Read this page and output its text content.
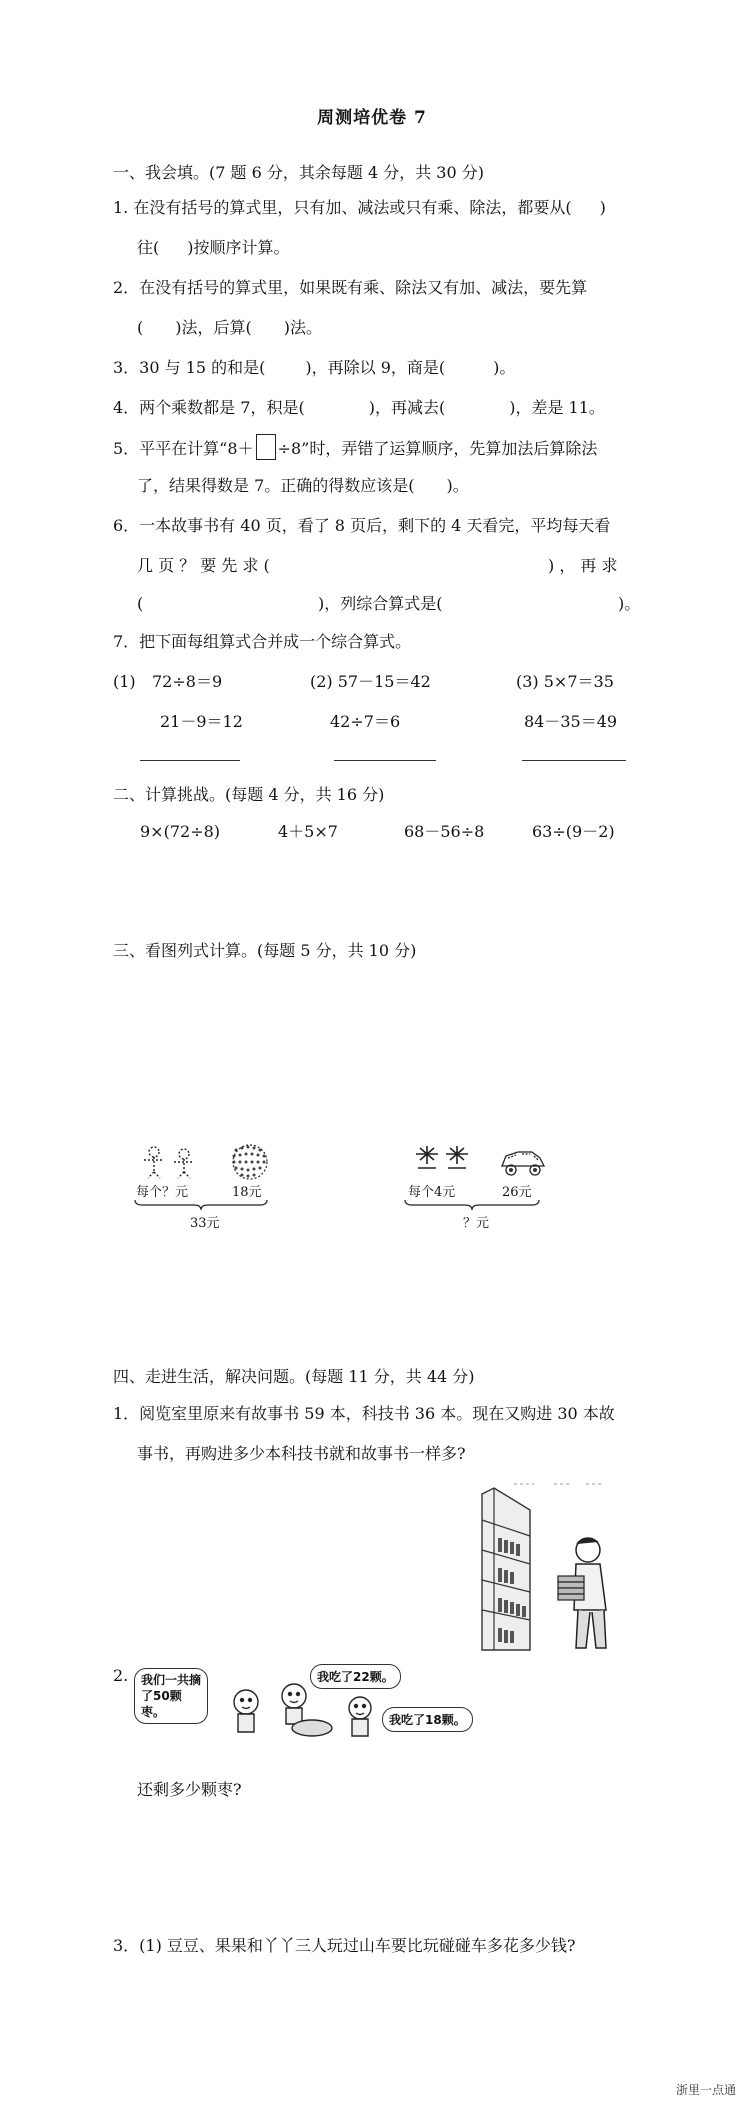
周测培优卷 7
一、我会填。(7 题 6 分，其余每题 4 分，共 30 分)
1. 在没有括号的算式里，只有加、减法或只有乘、除法，都要从( )
往( )按顺序计算。
2．在没有括号的算式里，如果既有乘、除法又有加、减法，要先算
( )法，后算( )法。
3．30 与 15 的和是(	)，再除以 9，商是(	)。
4．两个乘数都是 7，积是(	)，再减去(	)，差是 11。
5．平平在计算“8＋ ÷8”时，弄错了运算顺序，先算加法后算除法
了，结果得数是 7。正确的得数应该是( )。
6．一本故事书有 40 页，看了 8 页后，剩下的 4 天看完，平均每天看
几 页 ？ 要 先 求 (	) ， 再 求
(	)，列综合算式是(	)。
7．把下面每组算式合并成一个综合算式。
(1) 72÷8＝9
21－9＝12
(2) 57－15＝42
42÷7＝6
(3) 5×7＝35
84－35＝49
二、计算挑战。(每题 4 分，共 16 分)
9×(72÷8)	4＋5×7	68－56÷8	63÷(9－2)
三、看图列式计算。(每题 5 分，共 10 分)
每个？元	18元
33元
每个4元	26元
？元
四、走进生活，解决问题。(每题 11 分，共 44 分)
1．阅览室里原来有故事书 59 本，科技书 36 本。现在又购进 30 本故
事书，再购进多少本科技书就和故事书一样多?
2.	我们一共摘了50颗枣。
我吃了22颗。
我吃了18颗。
还剩多少颗枣?
3．(1) 豆豆、果果和丫丫三人玩过山车要比玩碰碰车多花多少钱?
浙里一点通
